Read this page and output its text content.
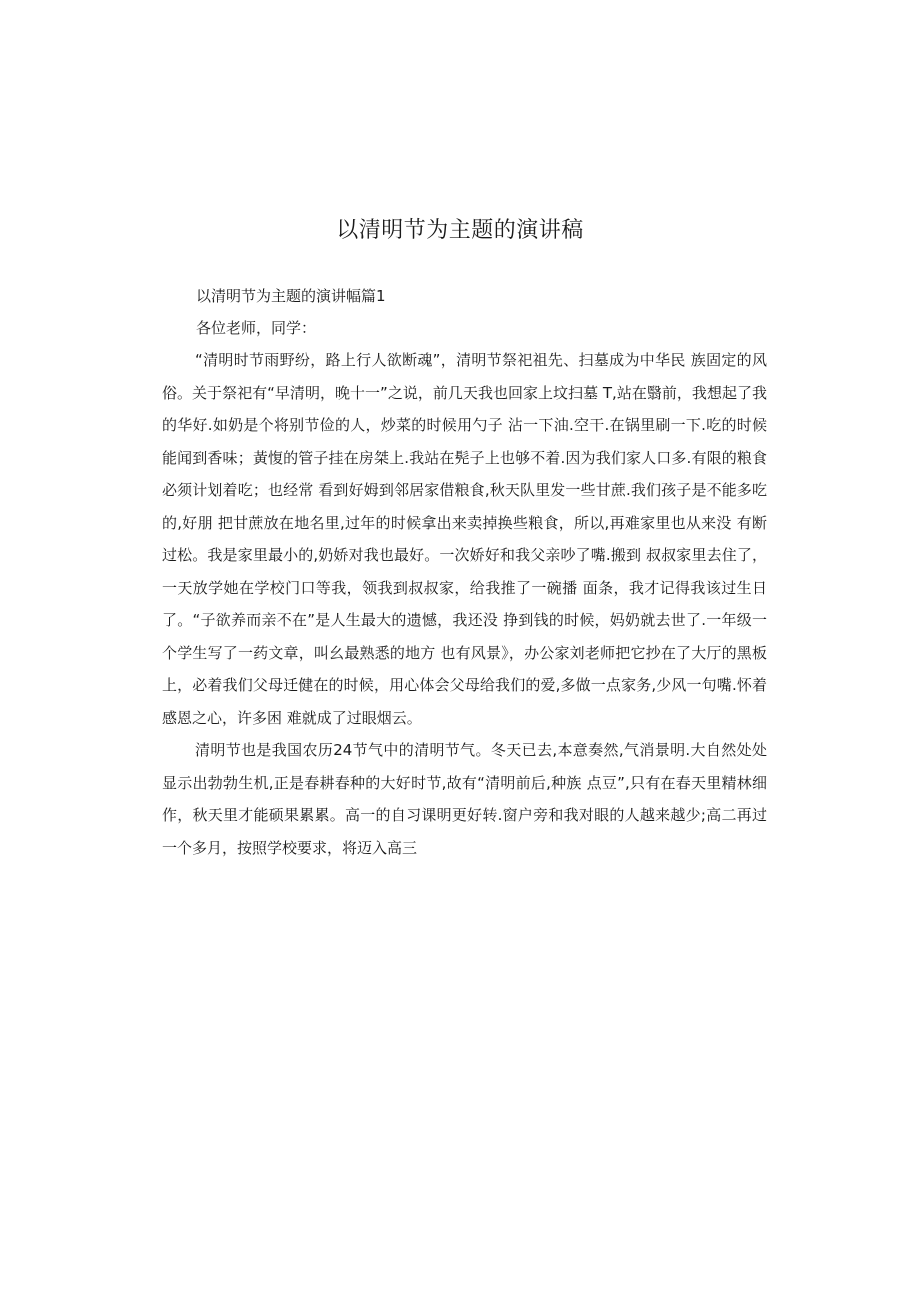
以清明节为主题的演讲稿
以清明节为主题的演讲幅篇1
各位老师，同学：

“清明时节雨野纷，路上行人欲断魂”，清明节祭祀祖先、扫墓成为中华民 族固定的风俗。关于祭祀有“早清明，晚十一”之说，前几天我也回家上坟扫墓 T,站在翳前，我想起了我的华好.如奶是个将别节俭的人，炒菜的时候用勺子 沾一下油.空干.在锅里刷一下.吃的时候能闻到香味；黃愎的管子挂在房桀上.我站在髡子上也够不着.因为我们家人口多.有限的粮食必须计划着吃；也经常 看到好姆到邻居家借粮食,秋天队里发一些甘蔗.我们孩子是不能多吃的,好朋 把甘蔗放在地名里,过年的时候拿出来卖掉换些粮食，所以,再难家里也从来没 有断过松。我是家里最小的,奶娇对我也最好。一次娇好和我父亲吵了嘴.搬到 叔叔家里去住了，一天放学她在学校门口等我，领我到叔叔家，给我推了一碗播 面条，我才记得我该过生日了。“子欲养而亲不在”是人生最大的遗憾，我还没 挣到钱的时候，妈奶就去世了.一年级一个学生写了一药文章，叫幺最熟悉的地方 也有风景》，办公家刘老师把它抄在了大厅的黑板上，必着我们父母迁健在的时候，用心体会父母给我们的爱,多做一点家务,少风一句嘴.怀着感恩之心，许多困 难就成了过眼烟云。

清明节也是我国农历24节气中的清明节气。冬天已去,本意奏然,气消景明.大自然处处显示出勃勃生机,正是春耕春种的大好时节,故有“清明前后,种族 点豆”,只有在春天里精林细作，秋天里才能硕果累累。高一的自习课明更好转.窗户旁和我对眼的人越来越少;高二再过一个多月，按照学校要求，将迈入高三
